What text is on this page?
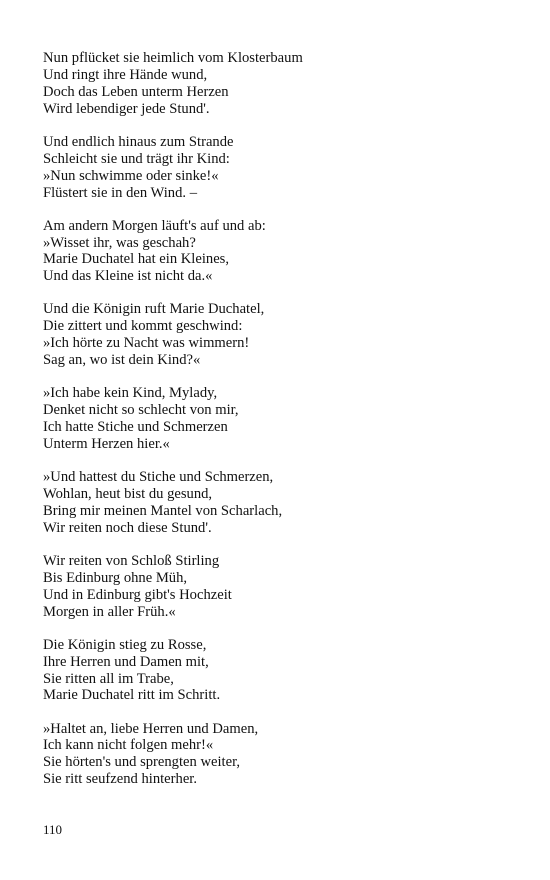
Nun pflücket sie heimlich vom Klosterbaum
Und ringt ihre Hände wund,
Doch das Leben unterm Herzen
Wird lebendiger jede Stund'.
Und endlich hinaus zum Strande
Schleicht sie und trägt ihr Kind:
»Nun schwimme oder sinke!«
Flüstert sie in den Wind. –
Am andern Morgen läuft's auf und ab:
»Wisset ihr, was geschah?
Marie Duchatel hat ein Kleines,
Und das Kleine ist nicht da.«
Und die Königin ruft Marie Duchatel,
Die zittert und kommt geschwind:
»Ich hörte zu Nacht was wimmern!
Sag an, wo ist dein Kind?«
»Ich habe kein Kind, Mylady,
Denket nicht so schlecht von mir,
Ich hatte Stiche und Schmerzen
Unterm Herzen hier.«
»Und hattest du Stiche und Schmerzen,
Wohlan, heut bist du gesund,
Bring mir meinen Mantel von Scharlach,
Wir reiten noch diese Stund'.
Wir reiten von Schloß Stirling
Bis Edinburg ohne Müh,
Und in Edinburg gibt's Hochzeit
Morgen in aller Früh.«
Die Königin stieg zu Rosse,
Ihre Herren und Damen mit,
Sie ritten all im Trabe,
Marie Duchatel ritt im Schritt.
»Haltet an, liebe Herren und Damen,
Ich kann nicht folgen mehr!«
Sie hörten's und sprengten weiter,
Sie ritt seufzend hinterher.
110
